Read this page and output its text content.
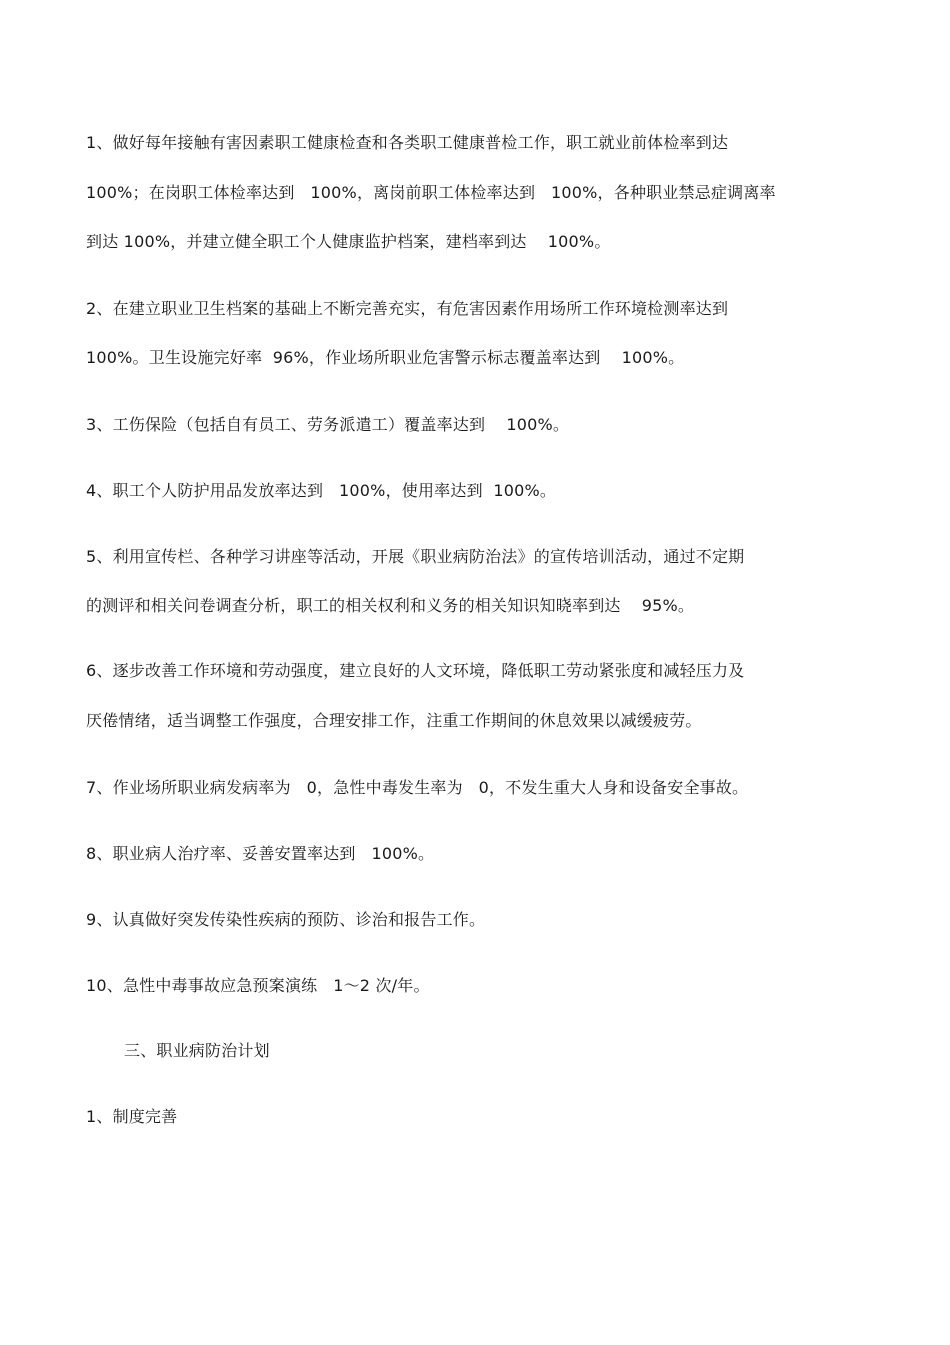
1、做好每年接触有害因素职工健康检查和各类职工健康普检工作，职工就业前体检率到达
100%；在岗职工体检率达到   100%，离岗前职工体检率达到   100%，各种职业禁忌症调离率
到达 100%，并建立健全职工个人健康监护档案，建档率到达    100%。
2、在建立职业卫生档案的基础上不断完善充实，有危害因素作用场所工作环境检测率达到
100%。卫生设施完好率  96%，作业场所职业危害警示标志覆盖率达到    100%。
3、工伤保险（包括自有员工、劳务派遣工）覆盖率达到    100%。
4、职工个人防护用品发放率达到   100%，使用率达到  100%。
5、利用宣传栏、各种学习讲座等活动，开展《职业病防治法》的宣传培训活动，通过不定期
的测评和相关问卷调查分析，职工的相关权利和义务的相关知识知晓率到达    95%。
6、逐步改善工作环境和劳动强度，建立良好的人文环境，降低职工劳动紧张度和减轻压力及
厌倦情绪，适当调整工作强度，合理安排工作，注重工作期间的休息效果以减缓疲劳。
7、作业场所职业病发病率为   0，急性中毒发生率为   0，不发生重大人身和设备安全事故。
8、职业病人治疗率、妥善安置率达到   100%。
9、认真做好突发传染性疾病的预防、诊治和报告工作。
10、急性中毒事故应急预案演练   1～2 次/年。
三、职业病防治计划
1、制度完善
